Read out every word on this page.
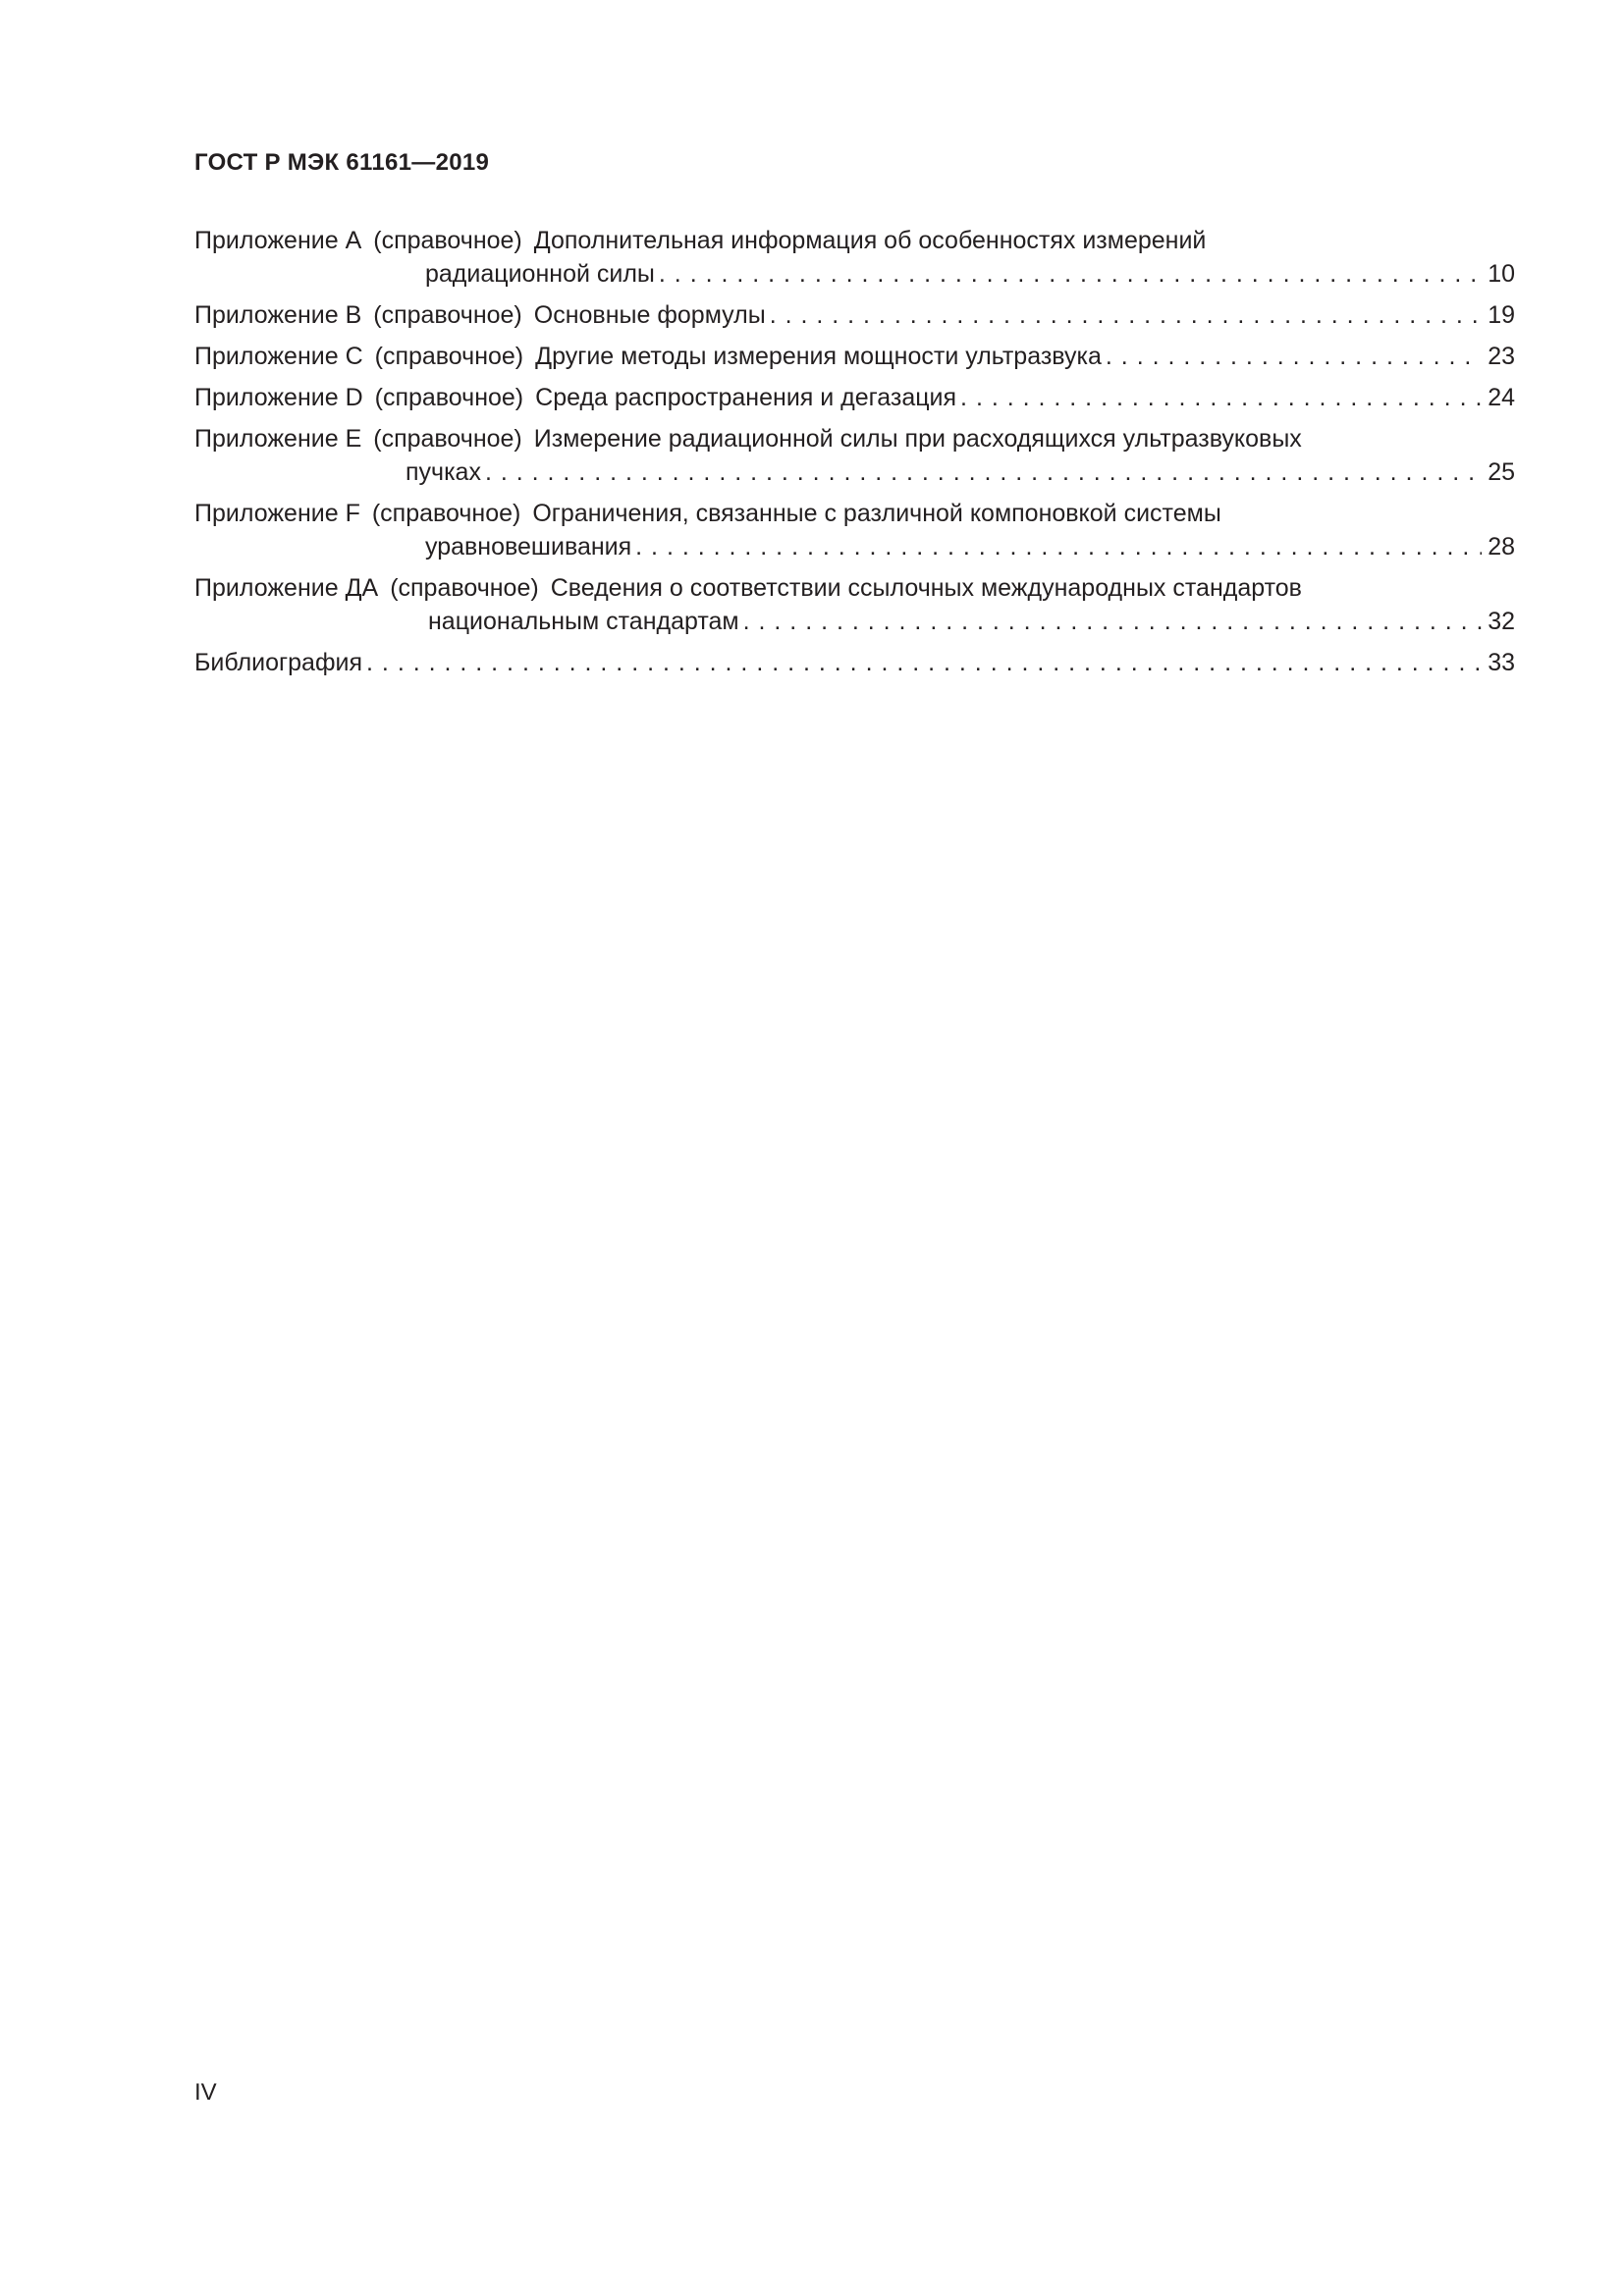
ГОСТ Р МЭК 61161—2019
Приложение А (справочное) Дополнительная информация об особенностях измерений
радиационной силы . . .	10
Приложение В (справочное) Основные формулы . . .	19
Приложение С (справочное) Другие методы измерения мощности ультразвука . . .	23
Приложение D (справочное) Среда распространения и дегазация . . .	24
Приложение Е (справочное) Измерение радиационной силы при расходящихся ультразвуковых
пучках . . .	25
Приложение F (справочное) Ограничения, связанные с различной компоновкой системы
уравновешивания . . .	28
Приложение ДА (справочное) Сведения о соответствии ссылочных международных стандартов
национальным стандартам . . .	32
Библиография . . .	33
IV
